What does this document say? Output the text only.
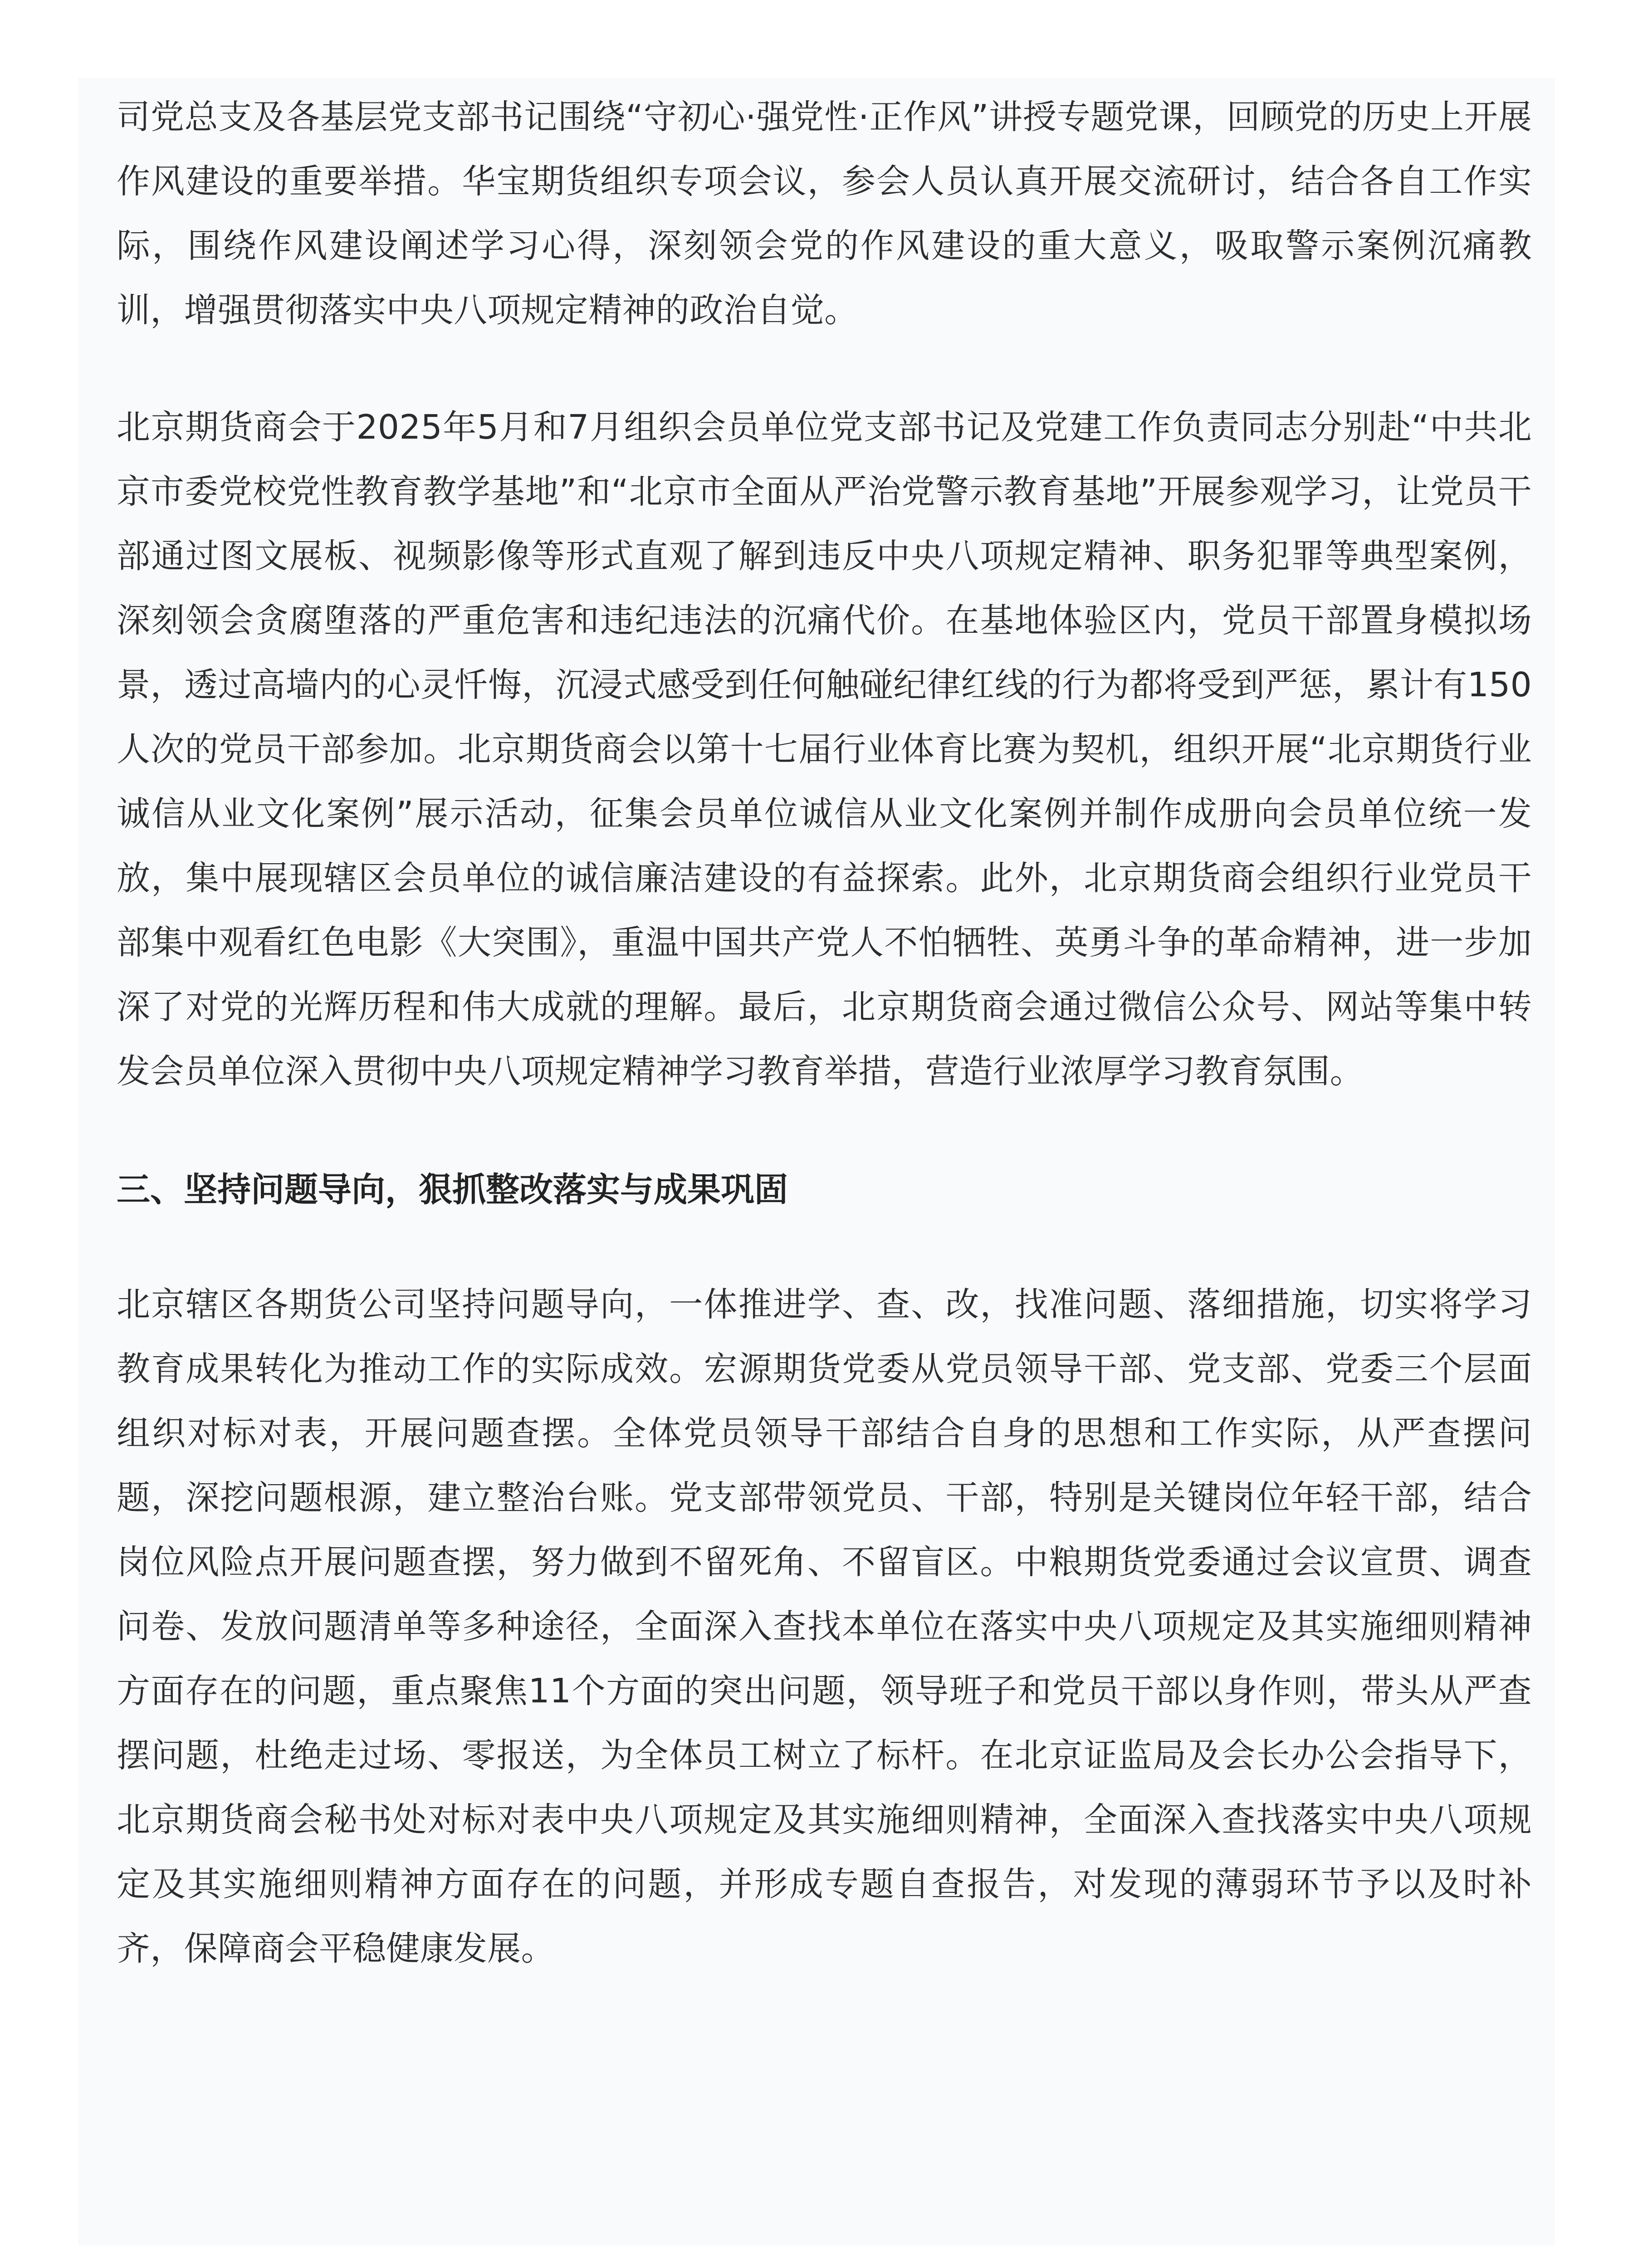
司党总支及各基层党支部书记围绕“守初心·强党性·正作风”讲授专题党课，回顾党的历史上开展作风建设的重要举措。华宝期货组织专项会议，参会人员认真开展交流研讨，结合各自工作实际，围绕作风建设阐述学习心得，深刻领会党的作风建设的重大意义，吸取警示案例沉痛教训，增强贯彻落实中央八项规定精神的政治自觉。

北京期货商会于2025年5月和7月组织会员单位党支部书记及党建工作负责同志分别赴“中共北京市委党校党性教育教学基地”和“北京市全面从严治党警示教育基地”开展参观学习，让党员干部通过图文展板、视频影像等形式直观了解到违反中央八项规定精神、职务犯罪等典型案例，深刻领会贪腐堕落的严重危害和违纪违法的沉痛代价。在基地体验区内，党员干部置身模拟场景，透过高墙内的心灵忏悔，沉浸式感受到任何触碰纪律红线的行为都将受到严惩，累计有150人次的党员干部参加。北京期货商会以第十七届行业体育比赛为契机，组织开展“北京期货行业诚信从业文化案例”展示活动，征集会员单位诚信从业文化案例并制作成册向会员单位统一发放，集中展现辖区会员单位的诚信廉洁建设的有益探索。此外，北京期货商会组织行业党员干部集中观看红色电影《大突围》，重温中国共产党人不怕牺牲、英勇斗争的革命精神，进一步加深了对党的光辉历程和伟大成就的理解。最后，北京期货商会通过微信公众号、网站等集中转发会员单位深入贯彻中央八项规定精神学习教育举措，营造行业浓厚学习教育氛围。

三、坚持问题导向，狠抓整改落实与成果巩固

北京辖区各期货公司坚持问题导向，一体推进学、查、改，找准问题、落细措施，切实将学习教育成果转化为推动工作的实际成效。宏源期货党委从党员领导干部、党支部、党委三个层面组织对标对表，开展问题查摆。全体党员领导干部结合自身的思想和工作实际，从严查摆问题，深挖问题根源，建立整治台账。党支部带领党员、干部，特别是关键岗位年轻干部，结合岗位风险点开展问题查摆，努力做到不留死角、不留盲区。中粮期货党委通过会议宣贯、调查问卷、发放问题清单等多种途径，全面深入查找本单位在落实中央八项规定及其实施细则精神方面存在的问题，重点聚焦11个方面的突出问题，领导班子和党员干部以身作则，带头从严查摆问题，杜绝走过场、零报送，为全体员工树立了标杆。在北京证监局及会长办公会指导下，北京期货商会秘书处对标对表中央八项规定及其实施细则精神，全面深入查找落实中央八项规定及其实施细则精神方面存在的问题，并形成专题自查报告，对发现的薄弱环节予以及时补齐，保障商会平稳健康发展。
